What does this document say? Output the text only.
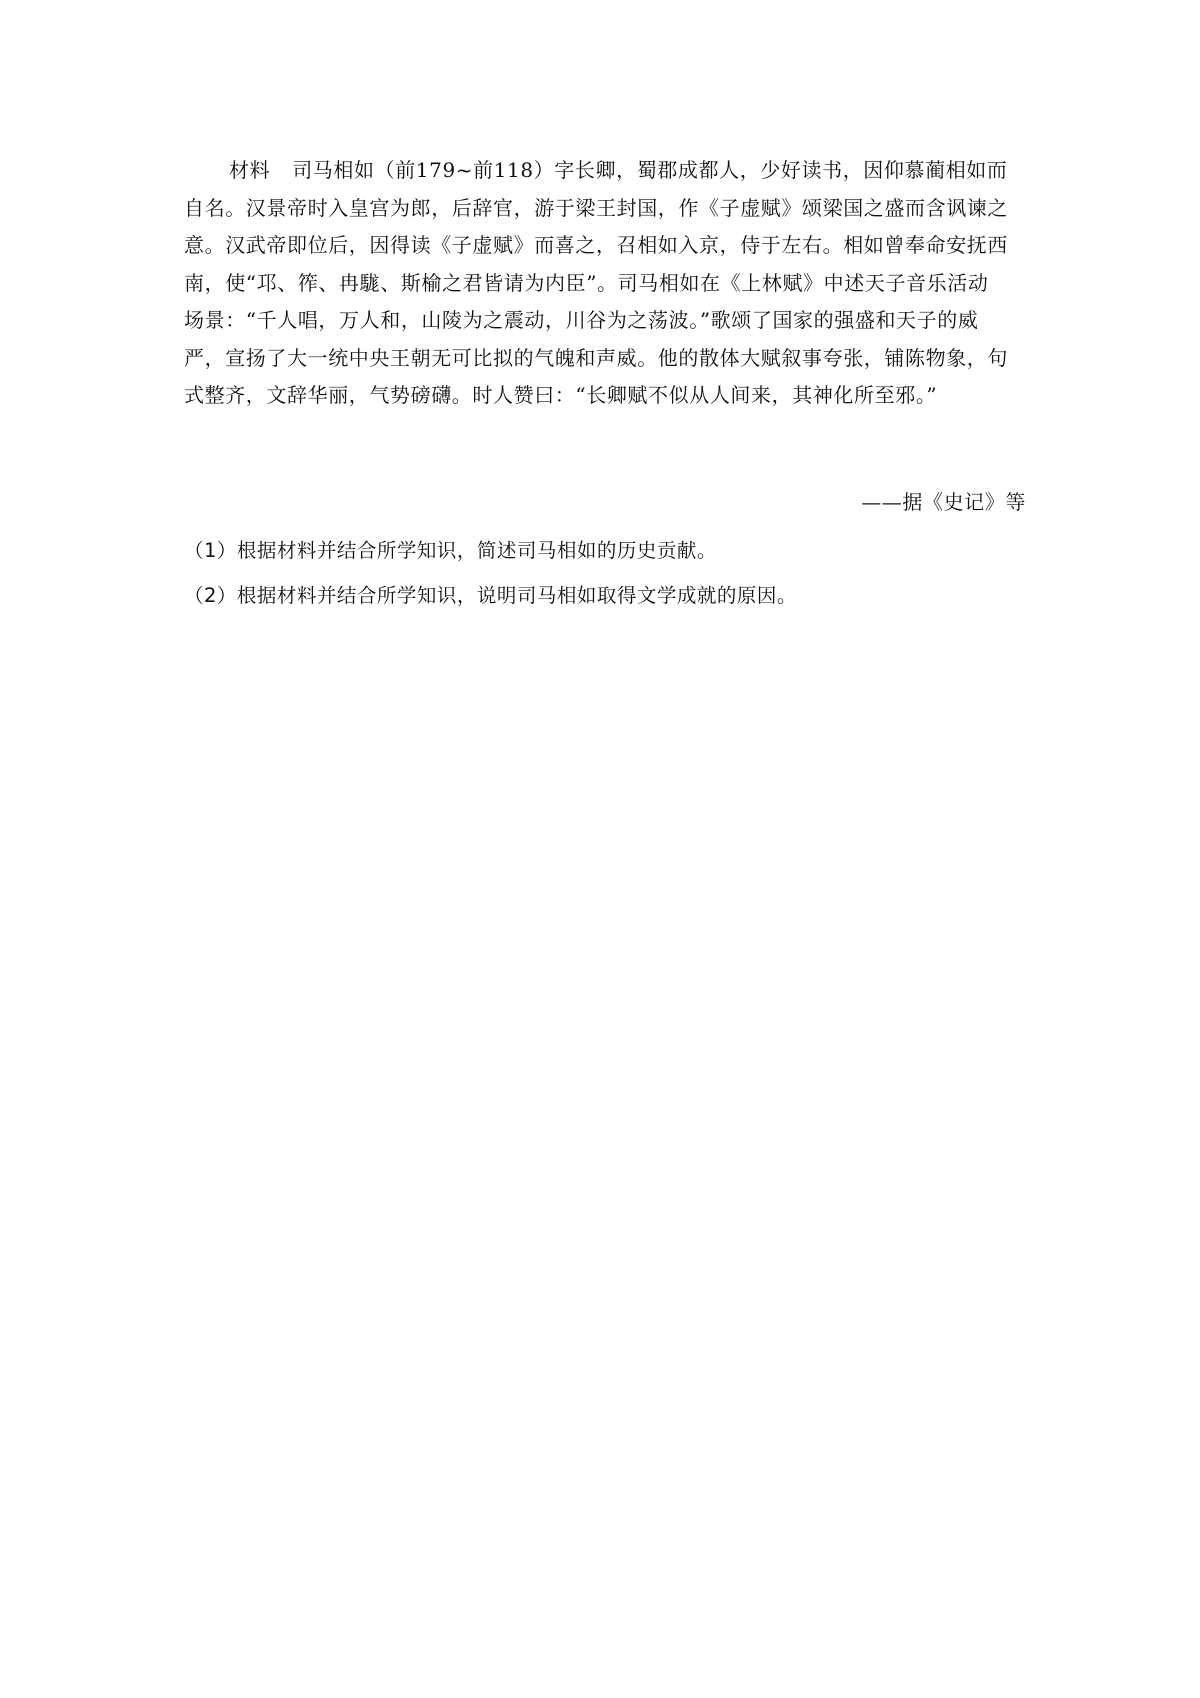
材料 司马相如（前179~前118）字长卿，蜀郡成都人，少好读书，因仰慕蔺相如而
自名。汉景帝时入皇宫为郎，后辞官，游于梁王封国，作《子虚赋》颂梁国之盛而含讽谏之
意。汉武帝即位后，因得读《子虚赋》而喜之，召相如入京，侍于左右。相如曾奉命安抚西
南，使“邛、筰、冉駹、斯榆之君皆请为内臣”。司马相如在《上林赋》中述天子音乐活动
场景：“千人唱，万人和，山陵为之震动，川谷为之荡波。”歌颂了国家的强盛和天子的威
严，宣扬了大一统中央王朝无可比拟的气魄和声威。他的散体大赋叙事夸张，铺陈物象，句
式整齐，文辞华丽，气势磅礴。时人赞曰：“长卿赋不似从人间来，其神化所至邪。”
——据《史记》等
（1）根据材料并结合所学知识，简述司马相如的历史贡献。
（2）根据材料并结合所学知识，说明司马相如取得文学成就的原因。
